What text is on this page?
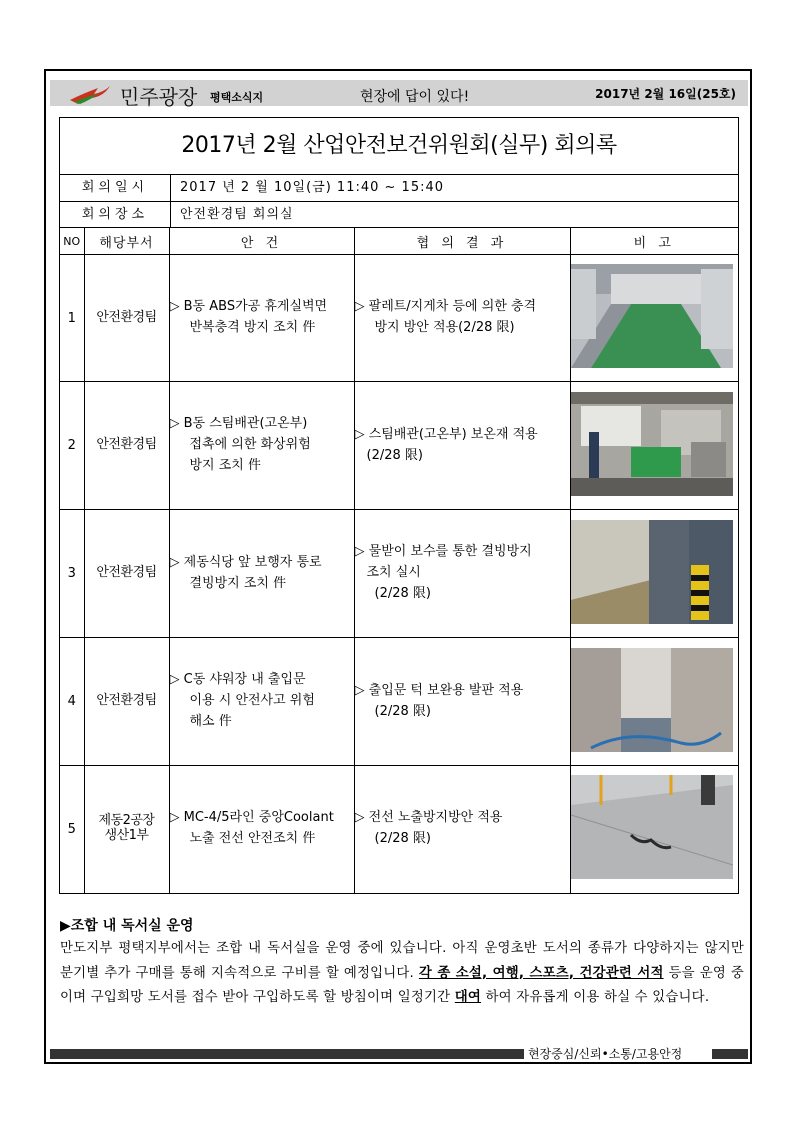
민주광장 평택소식지	현장에 답이 있다!	2017년 2월 16일(25호)
2017년 2월 산업안전보건위원회(실무) 회의록
회의일시	2017 년 2 월 10일(금) 11:40 ~ 15:40
회의장소	안전환경팀 회의실
NO	해당부서	안 건	협 의 결 과	비 고
1	안전환경팀	▷ B동 ABS가공 휴게실벽면
반복충격 방지 조치 件	▷ 팔레트/지게차 등에 의한 충격
방지 방안 적용(2/28 限)

2	안전환경팀	▷ B동 스팀배관(고온부)
접촉에 의한 화상위험
방지 조치 件	▷ 스팀배관(고온부) 보온재 적용
(2/28 限)

3	안전환경팀	▷ 제동식당 앞 보행자 통로
결빙방지 조치 件	▷ 물받이 보수를 통한 결빙방지
조치 실시
(2/28 限)

4	안전환경팀	▷ C동 샤워장 내 출입문
이용 시 안전사고 위험
해소 件	▷ 출입문 턱 보완용 발판 적용
(2/28 限)

5	제동2공장
생산1부	▷ MC-4/5라인 중앙Coolant
노출 전선 안전조치 件	▷ 전선 노출방지방안 적용
(2/28 限)

▶조합 내 독서실 운영
만도지부 평택지부에서는 조합 내 독서실을 운영 중에 있습니다. 아직 운영초반 도서의 종류가 다양하지는 않지만 분기별 추가 구매를 통해 지속적으로 구비를 할 예정입니다. 각 종 소설, 여행, 스포츠, 건강관련 서적 등을 운영 중이며 구입희망 도서를 접수 받아 구입하도록 할 방침이며 일정기간 대여 하여 자유롭게 이용 하실 수 있습니다.
현장중심/신뢰•소통/고용안정
